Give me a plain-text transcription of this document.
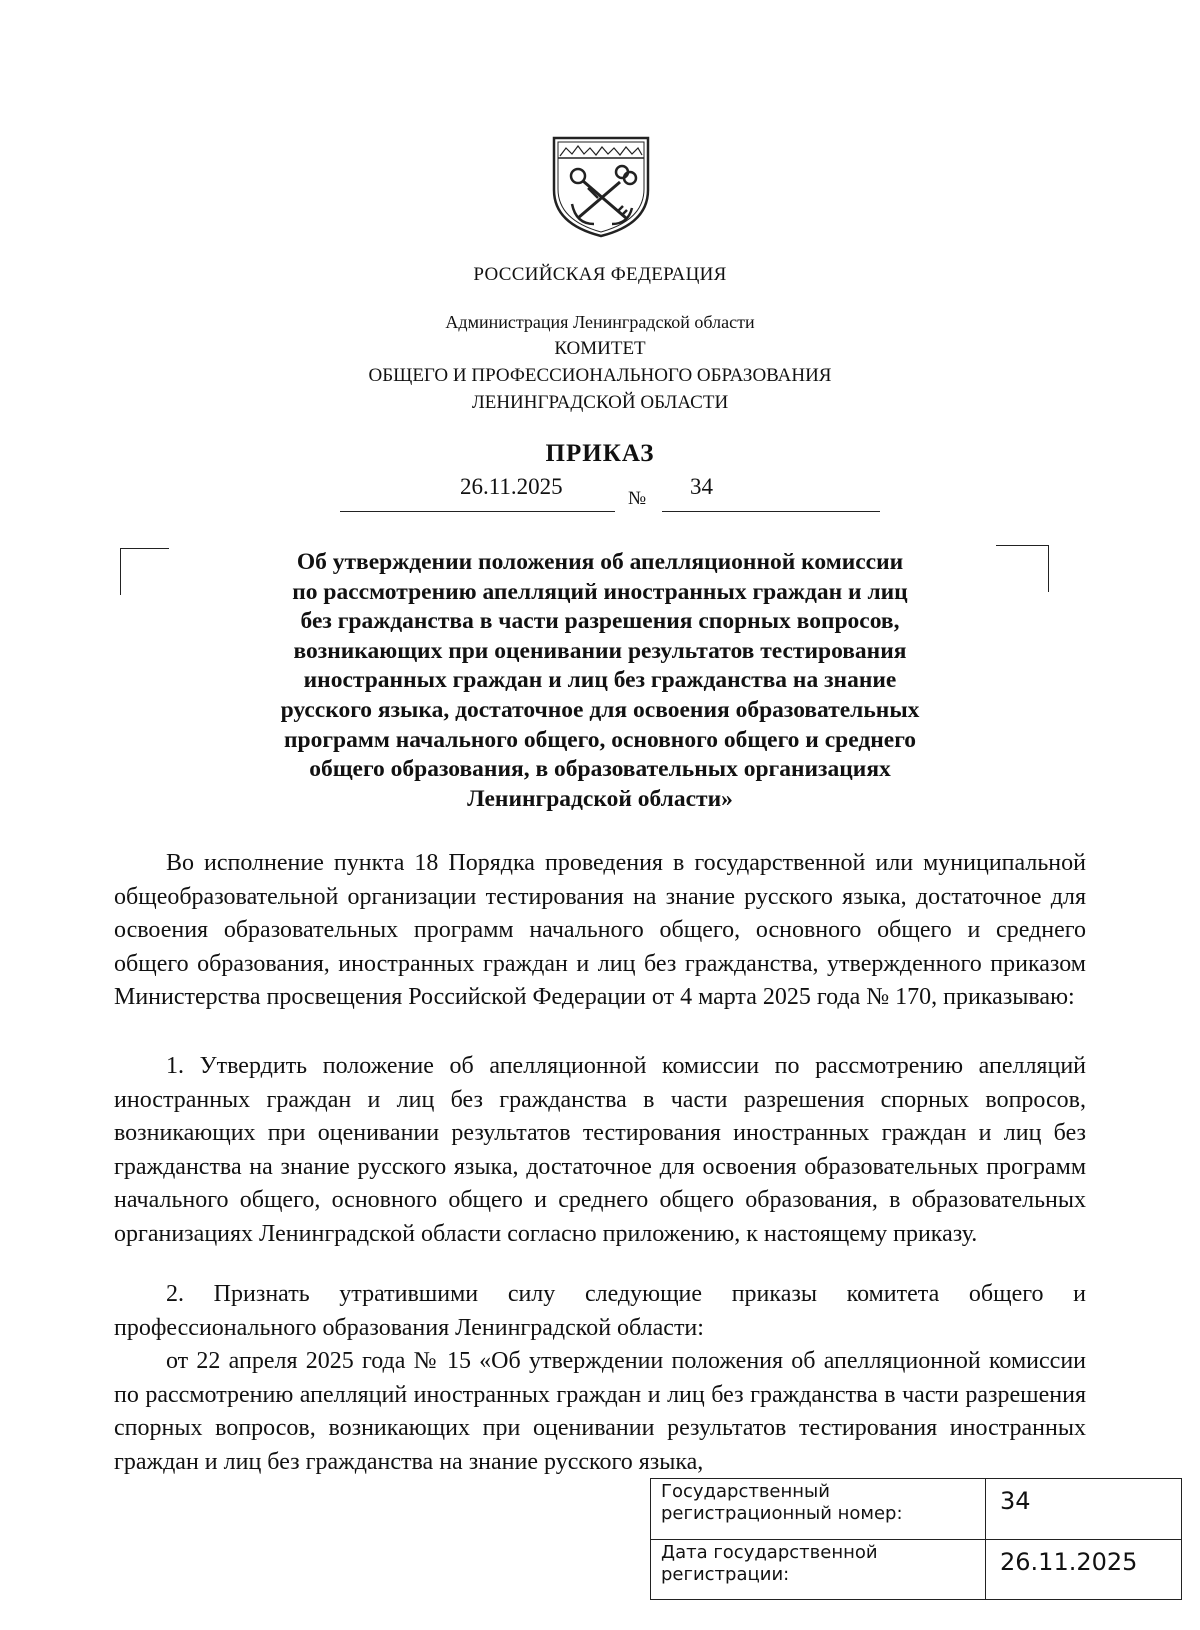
РОССИЙСКАЯ ФЕДЕРАЦИЯ
Администрация Ленинградской области
КОМИТЕТ
ОБЩЕГО И ПРОФЕССИОНАЛЬНОГО ОБРАЗОВАНИЯ
ЛЕНИНГРАДСКОЙ ОБЛАСТИ
ПРИКАЗ
26.11.2025	№ 34
Об утверждении положения об апелляционной комиссии
по рассмотрению апелляций иностранных граждан и лиц
без гражданства в части разрешения спорных вопросов,
возникающих при оценивании результатов тестирования
иностранных граждан и лиц без гражданства на знание
русского языка, достаточное для освоения образовательных
программ начального общего, основного общего и среднего
общего образования, в образовательных организациях
Ленинградской области»

Во исполнение пункта 18 Порядка проведения в государственной или муниципальной общеобразовательной организации тестирования на знание русского языка, достаточное для освоения образовательных программ начального общего, основного общего и среднего общего образования, иностранных граждан и лиц без гражданства, утвержденного приказом Министерства просвещения Российской Федерации от 4 марта 2025 года № 170, приказываю:

1. Утвердить положение об апелляционной комиссии по рассмотрению апелляций иностранных граждан и лиц без гражданства в части разрешения спорных вопросов, возникающих при оценивании результатов тестирования иностранных граждан и лиц без гражданства на знание русского языка, достаточное для освоения образовательных программ начального общего, основного общего и среднего общего образования, в образовательных организациях Ленинградской области согласно приложению, к настоящему приказу.

2. Признать утратившими силу следующие приказы комитета общего и профессионального образования Ленинградской области:

от 22 апреля 2025 года № 15 «Об утверждении положения об апелляционной комиссии по рассмотрению апелляций иностранных граждан и лиц без гражданства в части разрешения спорных вопросов, возникающих при оценивании результатов тестирования иностранных граждан и лиц без гражданства на знание русского языка,

Государственный регистрационный номер:	34
Дата государственной регистрации:	26.11.2025
